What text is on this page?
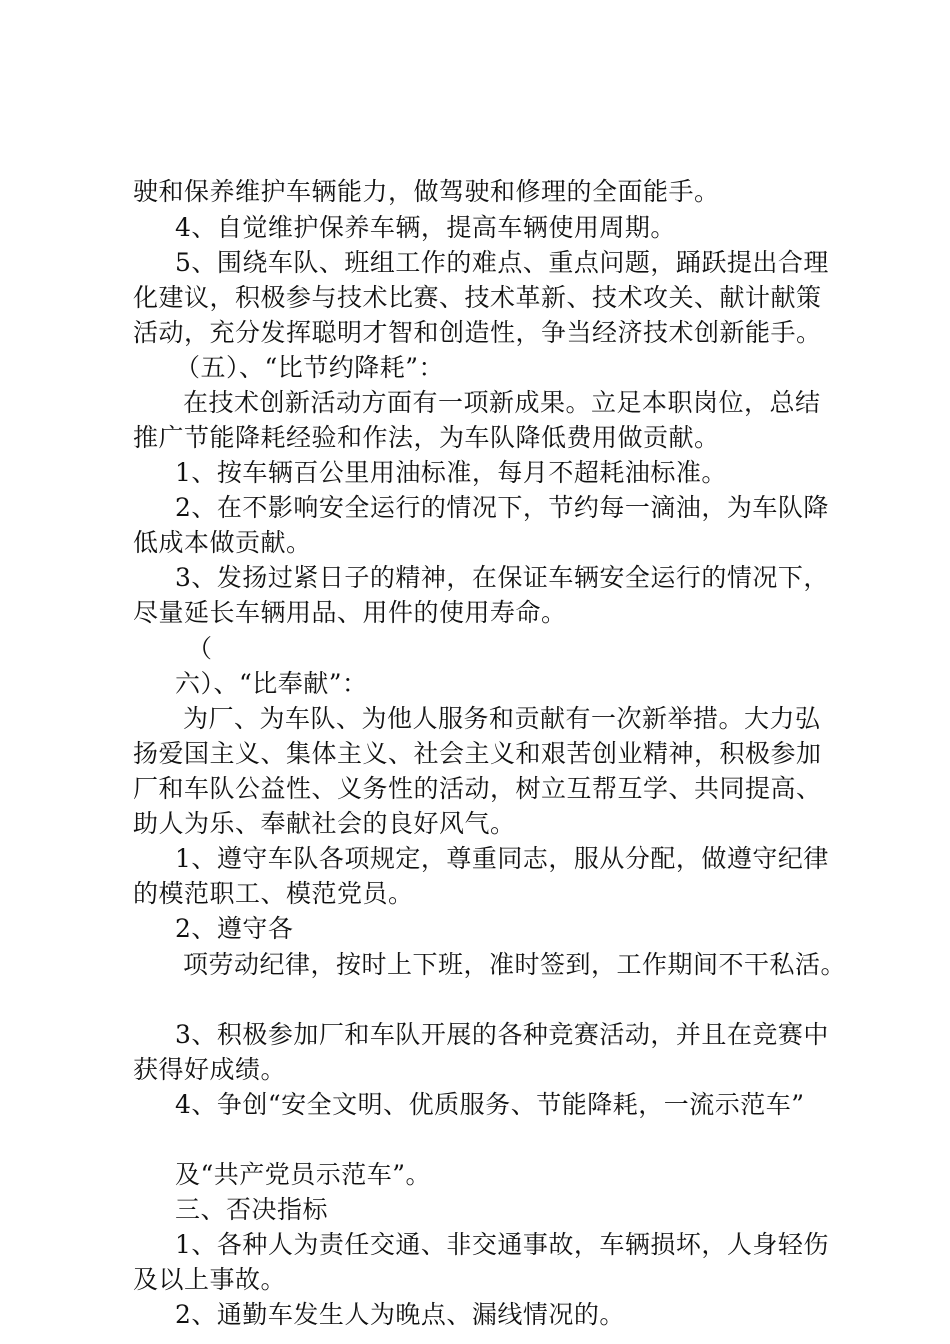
驶和保养维护车辆能力，做驾驶和修理的全面能手。
4、自觉维护保养车辆，提高车辆使用周期。
5、围绕车队、班组工作的难点、重点问题，踊跃提出合理
化建议，积极参与技术比赛、技术革新、技术攻关、献计献策
活动，充分发挥聪明才智和创造性，争当经济技术创新能手。
（五）、“比节约降耗”：
在技术创新活动方面有一项新成果。立足本职岗位，总结
推广节能降耗经验和作法，为车队降低费用做贡献。
1、按车辆百公里用油标准，每月不超耗油标准。
2、在不影响安全运行的情况下，节约每一滴油，为车队降
低成本做贡献。
3、发扬过紧日子的精神，在保证车辆安全运行的情况下，
尽量延长车辆用品、用件的使用寿命。
（
六）、“比奉献”：
为厂、为车队、为他人服务和贡献有一次新举措。大力弘
扬爱国主义、集体主义、社会主义和艰苦创业精神，积极参加
厂和车队公益性、义务性的活动，树立互帮互学、共同提高、
助人为乐、奉献社会的良好风气。
1、遵守车队各项规定，尊重同志，服从分配，做遵守纪律
的模范职工、模范党员。
2、遵守各
项劳动纪律，按时上下班，准时签到，工作期间不干私活。
3、积极参加厂和车队开展的各种竞赛活动，并且在竞赛中
获得好成绩。
4、争创“安全文明、优质服务、节能降耗，一流示范车”
及“共产党员示范车”。
三、否决指标
1、各种人为责任交通、非交通事故，车辆损坏，人身轻伤
及以上事故。
2、通勤车发生人为晚点、漏线情况的。
